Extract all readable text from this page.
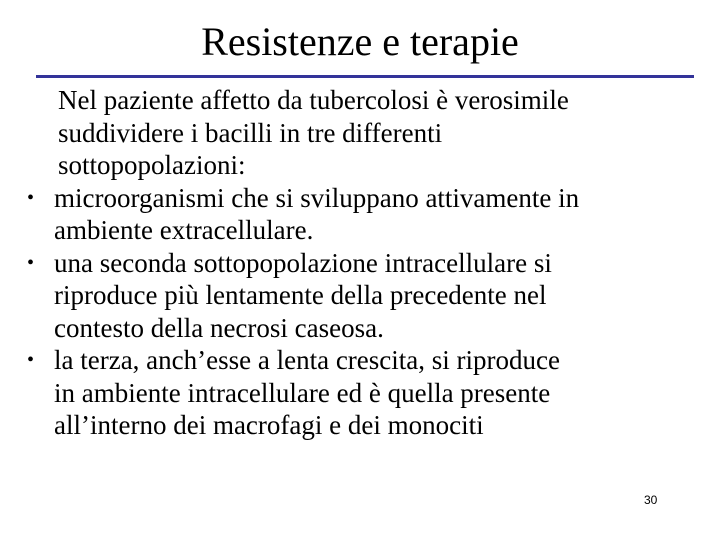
Resistenze e terapie

Nel paziente affetto da tubercolosi è verosimile
suddividere i bacilli in tre differenti
sottopopolazioni:

• microorganismi che si sviluppano attivamente in
ambiente extracellulare.
• una seconda sottopopolazione intracellulare si
riproduce più lentamente della precedente nel
contesto della necrosi caseosa.
• la terza, anch’esse a lenta crescita, si riproduce
in ambiente intracellulare ed è quella presente
all’interno dei macrofagi e dei monociti
30
